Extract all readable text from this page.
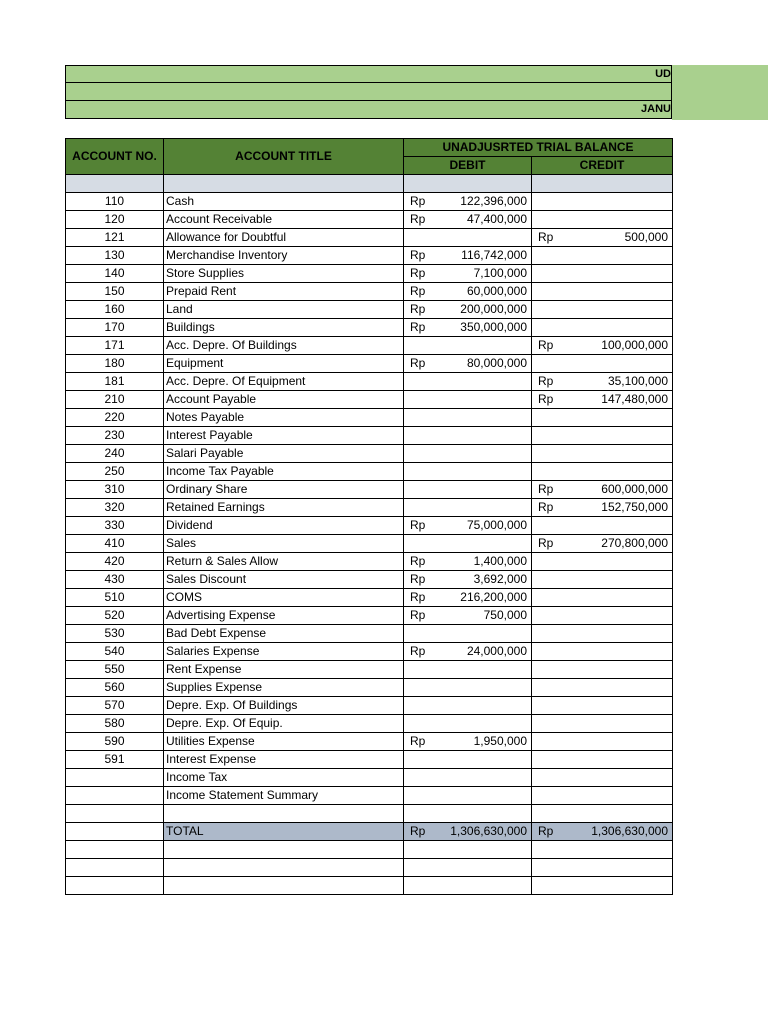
UD
JANU
ACCOUNT NO.	ACCOUNT TITLE	UNADJUSRTED TRIAL BALANCE	
		DEBIT	CREDIT

110	Cash	Rp 122,396,000	

120	Account Receivable	Rp 47,400,000	

121	Allowance for Doubtful		Rp 500,000

130	Merchandise Inventory	Rp 116,742,000	

140	Store Supplies	Rp 7,100,000	

150	Prepaid Rent	Rp 60,000,000	

160	Land	Rp 200,000,000	

170	Buildings	Rp 350,000,000	

171	Acc. Depre. Of Buildings		Rp 100,000,000

180	Equipment	Rp 80,000,000	

181	Acc. Depre. Of Equipment		Rp 35,100,000

210	Account Payable		Rp 147,480,000

220	Notes Payable		
230	Interest Payable		
240	Salari Payable		
250	Income Tax Payable		
310	Ordinary Share		Rp 600,000,000

320	Retained Earnings		Rp 152,750,000

330	Dividend	Rp 75,000,000	

410	Sales		Rp 270,800,000

420	Return & Sales Allow	Rp 1,400,000	

430	Sales Discount	Rp 3,692,000	

510	COMS	Rp 216,200,000	

520	Advertising Expense	Rp 750,000	

530	Bad Debt Expense		
540	Salaries Expense	Rp 24,000,000	

550	Rent Expense		
560	Supplies Expense		
570	Depre. Exp. Of Buildings		
580	Depre. Exp. Of Equip.		
590	Utilities Expense	Rp 1,950,000	

591	Interest Expense		
	Income Tax		
	Income Statement Summary		

	TOTAL	Rp 1,306,630,000	Rp 1,306,630,000
